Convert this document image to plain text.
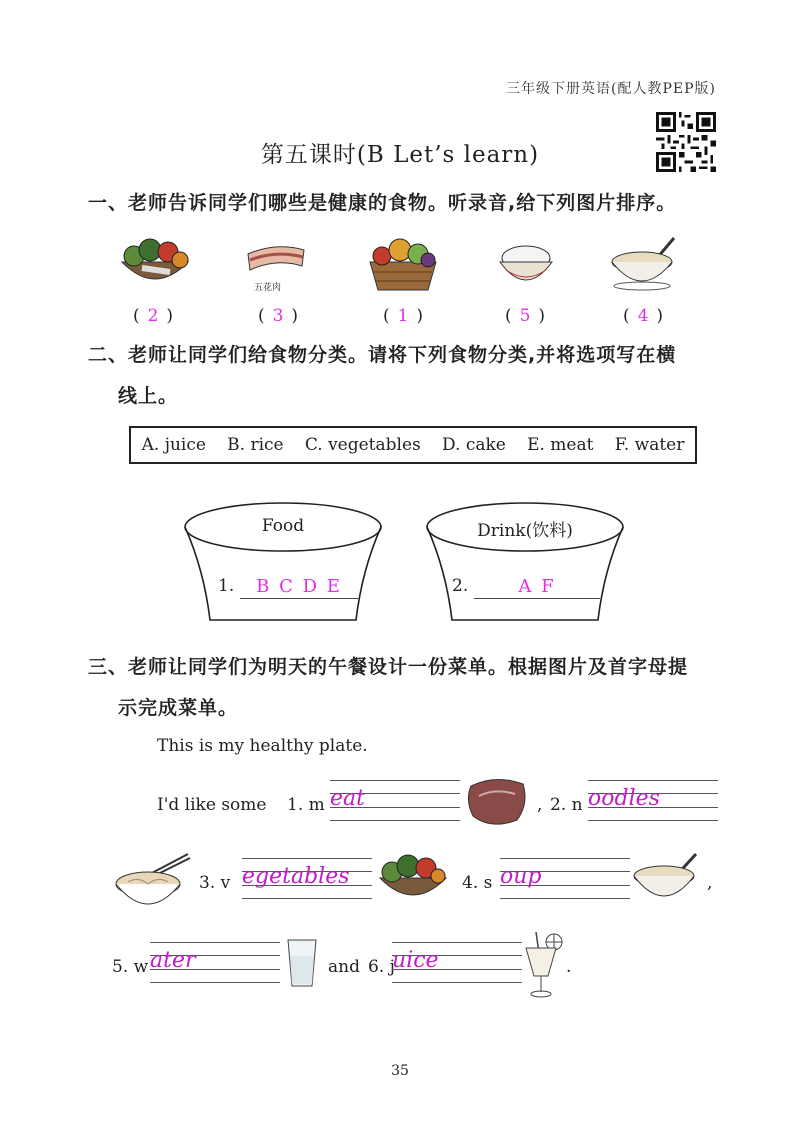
三年级下册英语(配人教PEP版)
第五课时(B Let’s learn)
一、老师告诉同学们哪些是健康的食物。听录音,给下列图片排序。
五花肉
( 2 )	( 3 )	( 1 )	( 5 )	( 4 )
二、老师让同学们给食物分类。请将下列食物分类,并将选项写在横
线上。
A. juice B. rice C. vegetables D. cake E. meat F. water
Food
1.	B C D E
Drink(饮料)
2.	A F
三、老师让同学们为明天的午餐设计一份菜单。根据图片及首字母提
示完成菜单。
This is my healthy plate.
I'd like some 1. m eat	, 2. n oodles
3. v egetables	4. s oup	,
5. w ater	and 6. j
uice	.
35
